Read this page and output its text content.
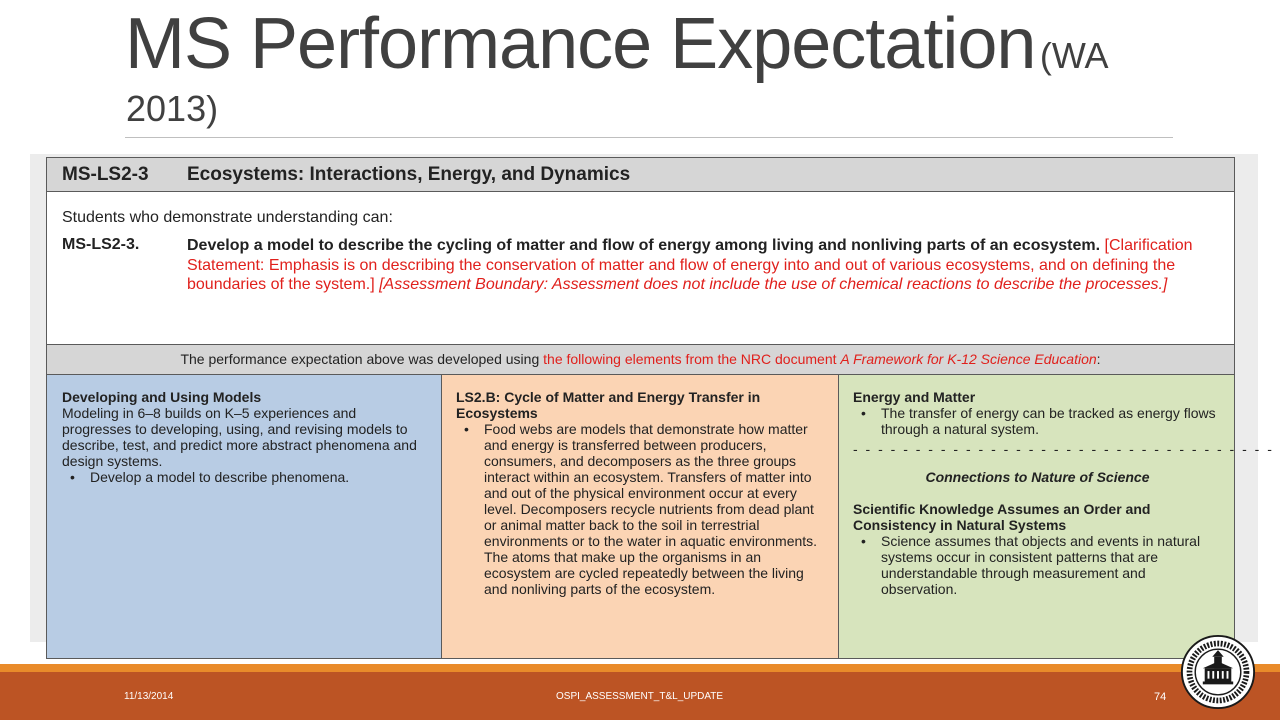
MS Performance Expectation (WA
2013)
MS-LS2-3 Ecosystems: Interactions, Energy, and Dynamics
Students who demonstrate understanding can:
MS-LS2-3.	Develop a model to describe the cycling of matter and flow of energy among living and nonliving parts of an ecosystem. [Clarification Statement: Emphasis is on describing the conservation of matter and flow of energy into and out of various ecosystems, and on defining the boundaries of the system.] [Assessment Boundary: Assessment does not include the use of chemical reactions to describe the processes.]
The performance expectation above was developed using the following elements from the NRC document A Framework for K-12 Science Education:
Developing and Using Models

Modeling in 6–8 builds on K–5 experiences and progresses to developing, using, and revising models to describe, test, and predict more abstract phenomena and design systems.

• Develop a model to describe phenomena.
LS2.B: Cycle of Matter and Energy Transfer in Ecosystems
• Food webs are models that demonstrate how matter and energy is transferred between producers, consumers, and decomposers as the three groups interact within an ecosystem. Transfers of matter into and out of the physical environment occur at every level. Decomposers recycle nutrients from dead plant or animal matter back to the soil in terrestrial environments or to the water in aquatic environments. The atoms that make up the organisms in an ecosystem are cycled repeatedly between the living and nonliving parts of the ecosystem.
Energy and Matter
• The transfer of energy can be tracked as energy flows through a natural system.
- - - - - - - - - - - - - - - - - - - - - - - - - - - - - - - - - -
Connections to Nature of Science
Scientific Knowledge Assumes an Order and Consistency in Natural Systems
• Science assumes that objects and events in natural systems occur in consistent patterns that are understandable through measurement and observation.
11/13/2014	OSPI_ASSESSMENT_T&L_UPDATE	74
